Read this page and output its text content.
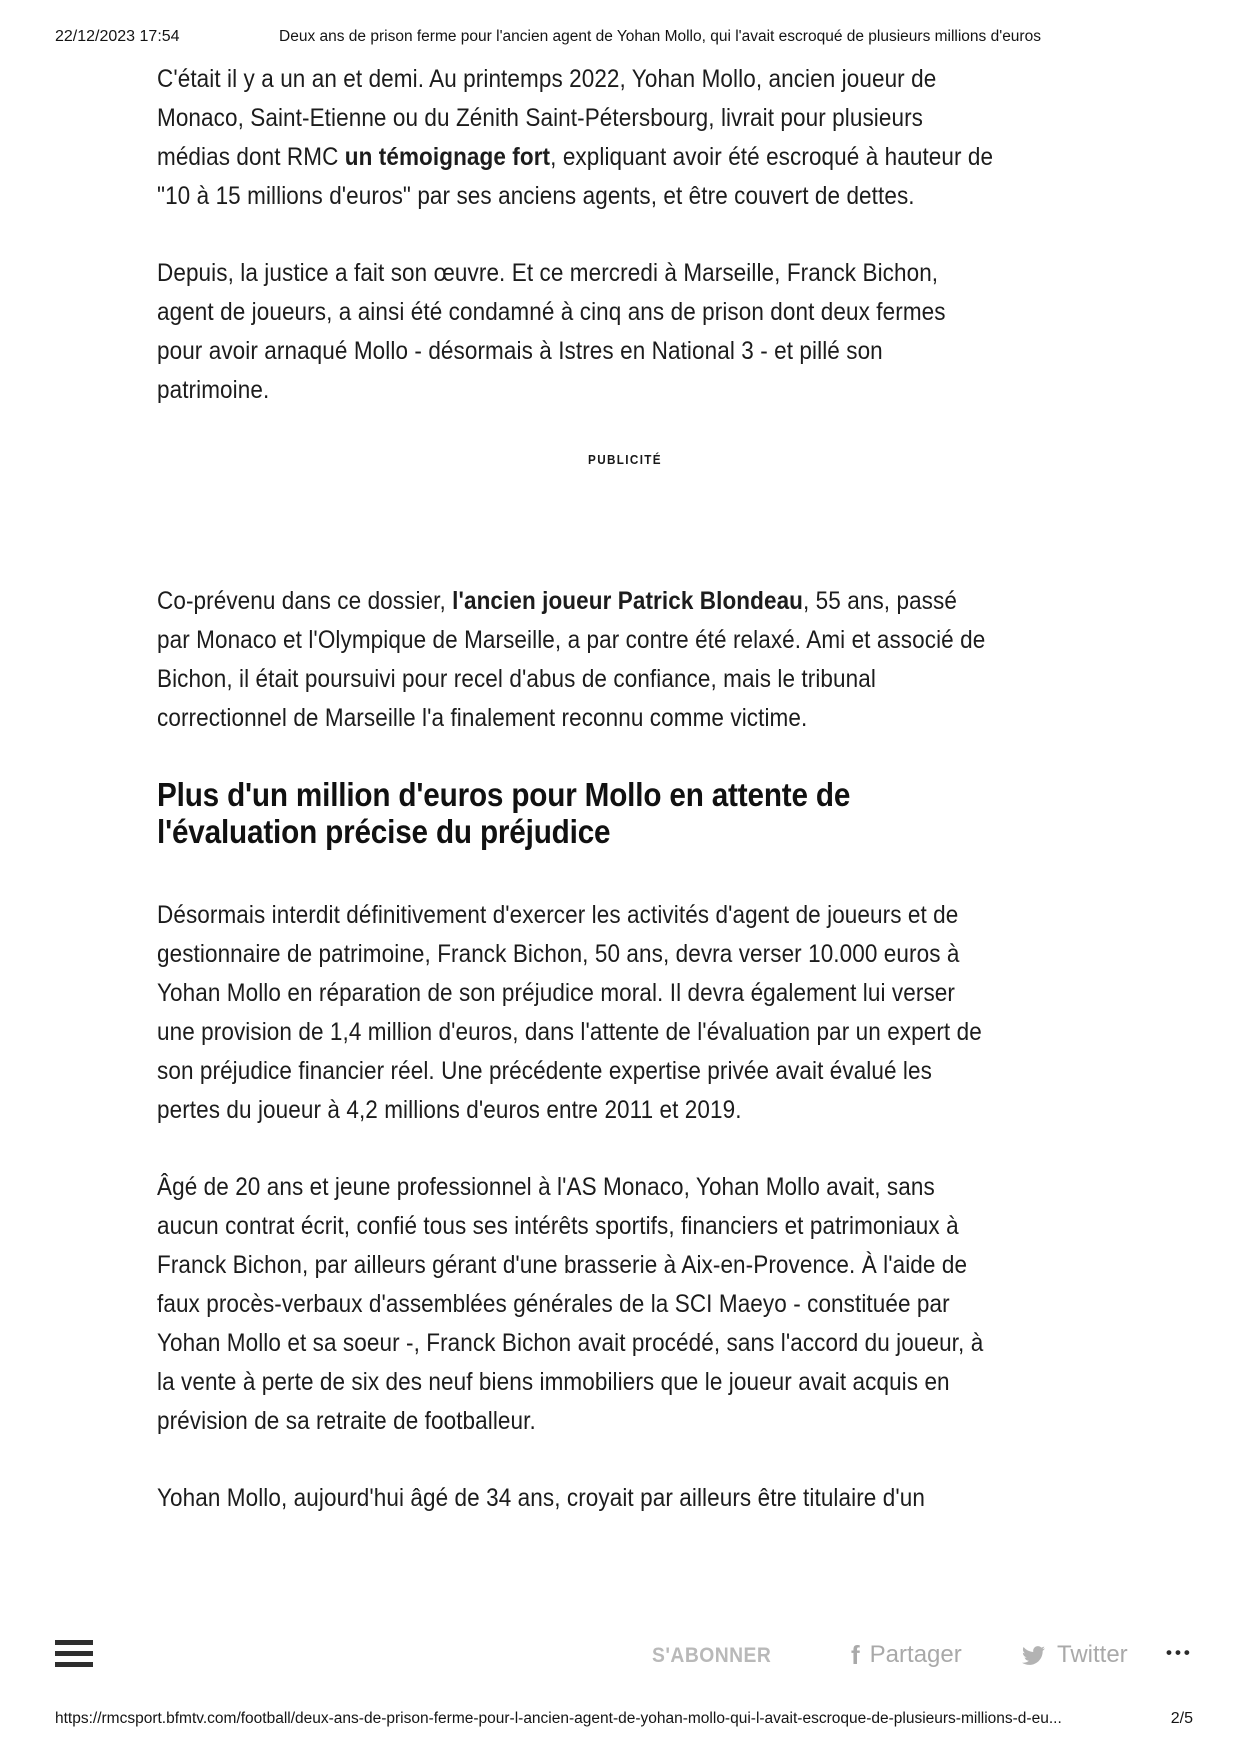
22/12/2023 17:54	Deux ans de prison ferme pour l'ancien agent de Yohan Mollo, qui l'avait escroqué de plusieurs millions d'euros

C'était il y a un an et demi. Au printemps 2022, Yohan Mollo, ancien joueur de Monaco, Saint-Etienne ou du Zénith Saint-Pétersbourg, livrait pour plusieurs médias dont RMC un témoignage fort, expliquant avoir été escroqué à hauteur de "10 à 15 millions d'euros" par ses anciens agents, et être couvert de dettes.

Depuis, la justice a fait son œuvre. Et ce mercredi à Marseille, Franck Bichon, agent de joueurs, a ainsi été condamné à cinq ans de prison dont deux fermes pour avoir arnaqué Mollo - désormais à Istres en National 3 - et pillé son patrimoine.

PUBLICITÉ

Co-prévenu dans ce dossier, l'ancien joueur Patrick Blondeau, 55 ans, passé par Monaco et l'Olympique de Marseille, a par contre été relaxé. Ami et associé de Bichon, il était poursuivi pour recel d'abus de confiance, mais le tribunal correctionnel de Marseille l'a finalement reconnu comme victime.

Plus d'un million d'euros pour Mollo en attente de l'évaluation précise du préjudice

Désormais interdit définitivement d'exercer les activités d'agent de joueurs et de gestionnaire de patrimoine, Franck Bichon, 50 ans, devra verser 10.000 euros à Yohan Mollo en réparation de son préjudice moral. Il devra également lui verser une provision de 1,4 million d'euros, dans l'attente de l'évaluation par un expert de son préjudice financier réel. Une précédente expertise privée avait évalué les pertes du joueur à 4,2 millions d'euros entre 2011 et 2019.

Âgé de 20 ans et jeune professionnel à l'AS Monaco, Yohan Mollo avait, sans aucun contrat écrit, confié tous ses intérêts sportifs, financiers et patrimoniaux à Franck Bichon, par ailleurs gérant d'une brasserie à Aix-en-Provence. À l'aide de faux procès-verbaux d'assemblées générales de la SCI Maeyo - constituée par Yohan Mollo et sa soeur -, Franck Bichon avait procédé, sans l'accord du joueur, à la vente à perte de six des neuf biens immobiliers que le joueur avait acquis en prévision de sa retraite de footballeur.

Yohan Mollo, aujourd'hui âgé de 34 ans, croyait par ailleurs être titulaire d'un

S'ABONNER	f Partager	Twitter •••
https://rmcsport.bfmtv.com/football/deux-ans-de-prison-ferme-pour-l-ancien-agent-de-yohan-mollo-qui-l-avait-escroque-de-plusieurs-millions-d-eu...	2/5
